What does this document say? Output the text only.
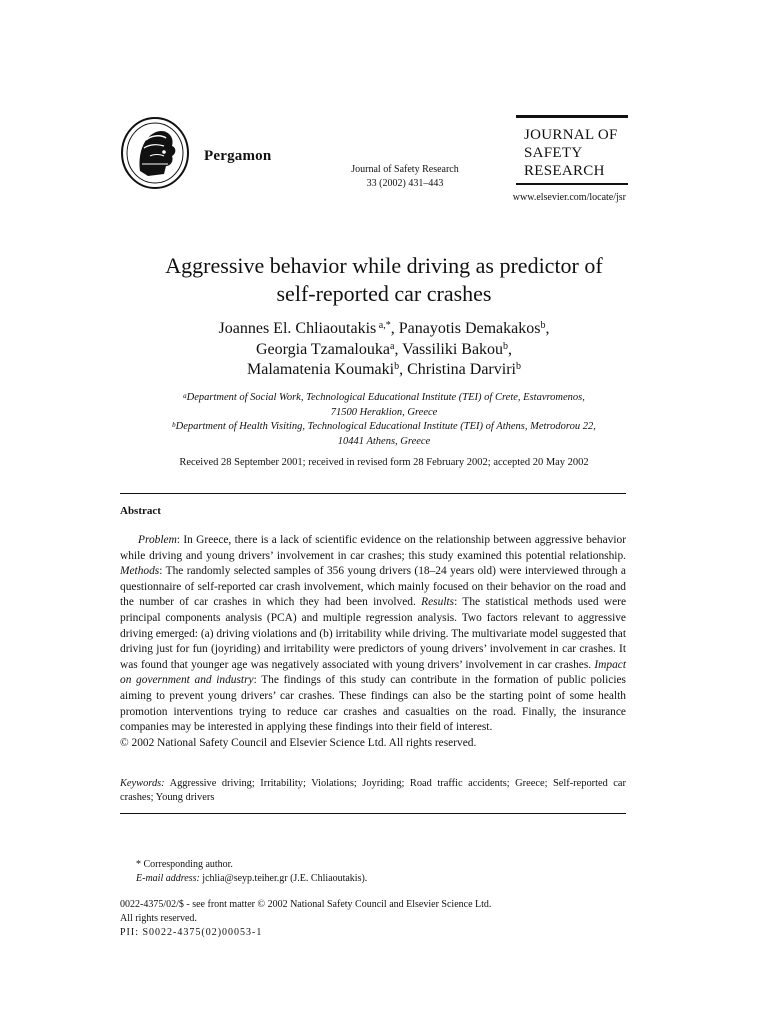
Pergamon
Journal of Safety Research
33 (2002) 431–443
JOURNAL OF
SAFETY
RESEARCH
www.elsevier.com/locate/jsr
Aggressive behavior while driving as predictor of
self-reported car crashes
Joannes El. Chliaoutakis $^{a,*}$, Panayotis Demakakos$^b$,
Georgia Tzamalouka$^a$, Vassiliki Bakou$^b$,
Malamatenia Koumaki$^b$, Christina Darviri$^b$
$^a$Department of Social Work, Technological Educational Institute (TEI) of Crete, Estavromenos,
71500 Heraklion, Greece
$^b$Department of Health Visiting, Technological Educational Institute (TEI) of Athens, Metrodorou 22,
10441 Athens, Greece
Received 28 September 2001; received in revised form 28 February 2002; accepted 20 May 2002
Abstract
Problem: In Greece, there is a lack of scientific evidence on the relationship between aggressive behavior while driving and young drivers’ involvement in car crashes; this study examined this potential relationship. Methods: The randomly selected samples of 356 young drivers (18–24 years old) were interviewed through a questionnaire of self-reported car crash involvement, which mainly focused on their behavior on the road and the number of car crashes in which they had been involved. Results: The statistical methods used were principal components analysis (PCA) and multiple regression analysis. Two factors relevant to aggressive driving emerged: (a) driving violations and (b) irritability while driving. The multivariate model suggested that driving just for fun (joyriding) and irritability were predictors of young drivers’ involvement in car crashes. It was found that younger age was negatively associated with young drivers’ involvement in car crashes. Impact on government and industry: The findings of this study can contribute in the formation of public policies aiming to prevent young drivers’ car crashes. These findings can also be the starting point of some health promotion interventions trying to reduce car crashes and casualties on the road. Finally, the insurance companies may be interested in applying these findings into their field of interest.
© 2002 National Safety Council and Elsevier Science Ltd. All rights reserved.
Keywords: Aggressive driving; Irritability; Violations; Joyriding; Road traffic accidents; Greece; Self-reported car crashes; Young drivers
* Corresponding author.
E-mail address: jchlia@seyp.teiher.gr (J.E. Chliaoutakis).
0022-4375/02/$ - see front matter © 2002 National Safety Council and Elsevier Science Ltd.
All rights reserved.
PII: S0022-4375(02)00053-1
